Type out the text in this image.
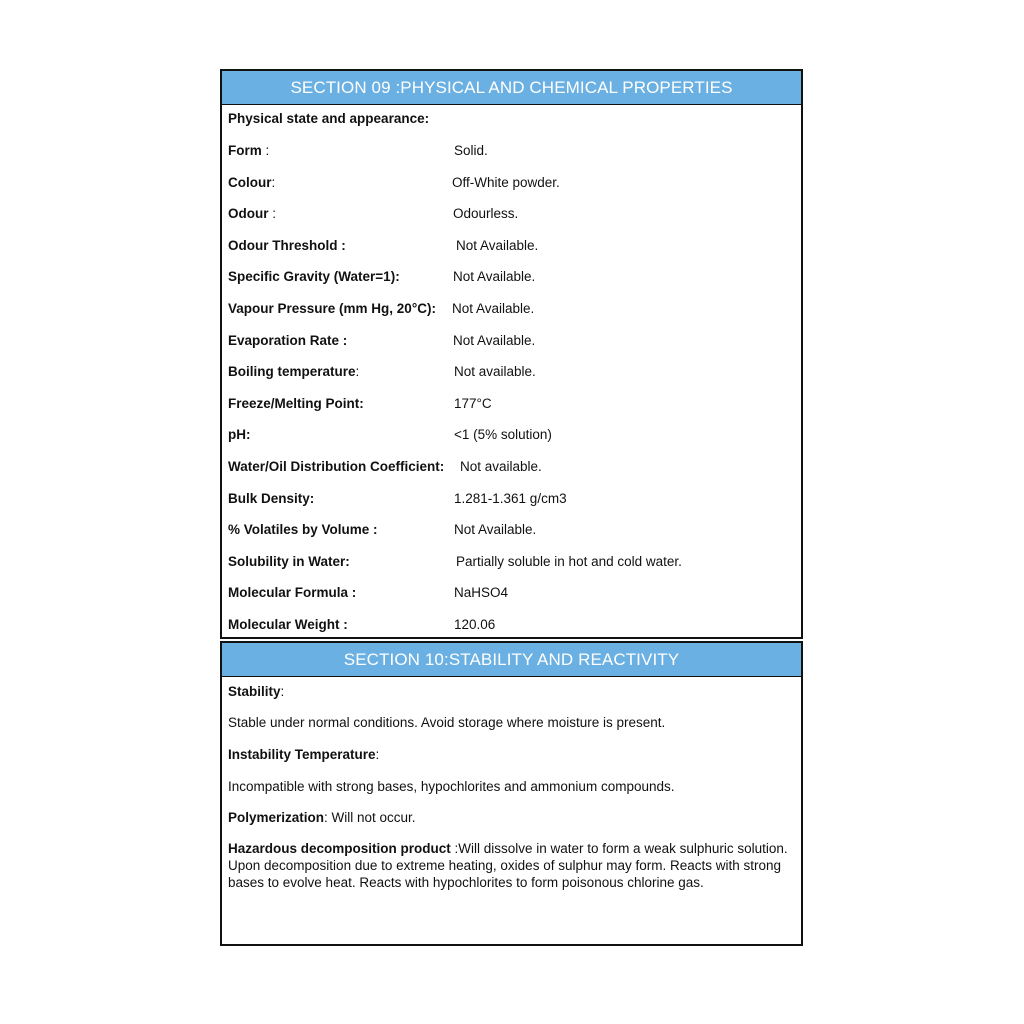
SECTION 09 :PHYSICAL AND CHEMICAL PROPERTIES
Physical state and appearance:
Form :	Solid.
Colour:	Off-White powder.
Odour :	Odourless.
Odour Threshold :	Not Available.
Specific Gravity (Water=1):	Not Available.
Vapour Pressure (mm Hg, 20°C): Not Available.
Evaporation Rate :	Not Available.
Boiling temperature:	Not available.
Freeze/Melting Point:	177°C
pH:	<1 (5% solution)
Water/Oil Distribution Coefficient: Not available.
Bulk Density:	1.281-1.361 g/cm3
% Volatiles by Volume :	Not Available.
Solubility in Water:	Partially soluble in hot and cold water.
Molecular Formula :	NaHSO4
Molecular Weight :	120.06
SECTION 10:STABILITY AND REACTIVITY
Stability:
Stable under normal conditions. Avoid storage where moisture is present.
Instability Temperature:
Incompatible with strong bases, hypochlorites and ammonium compounds.
Polymerization: Will not occur.
Hazardous decomposition product :Will dissolve in water to form a weak sulphuric solution. Upon decomposition due to extreme heating, oxides of sulphur may form. Reacts with strong bases to evolve heat. Reacts with hypochlorites to form poisonous chlorine gas.
